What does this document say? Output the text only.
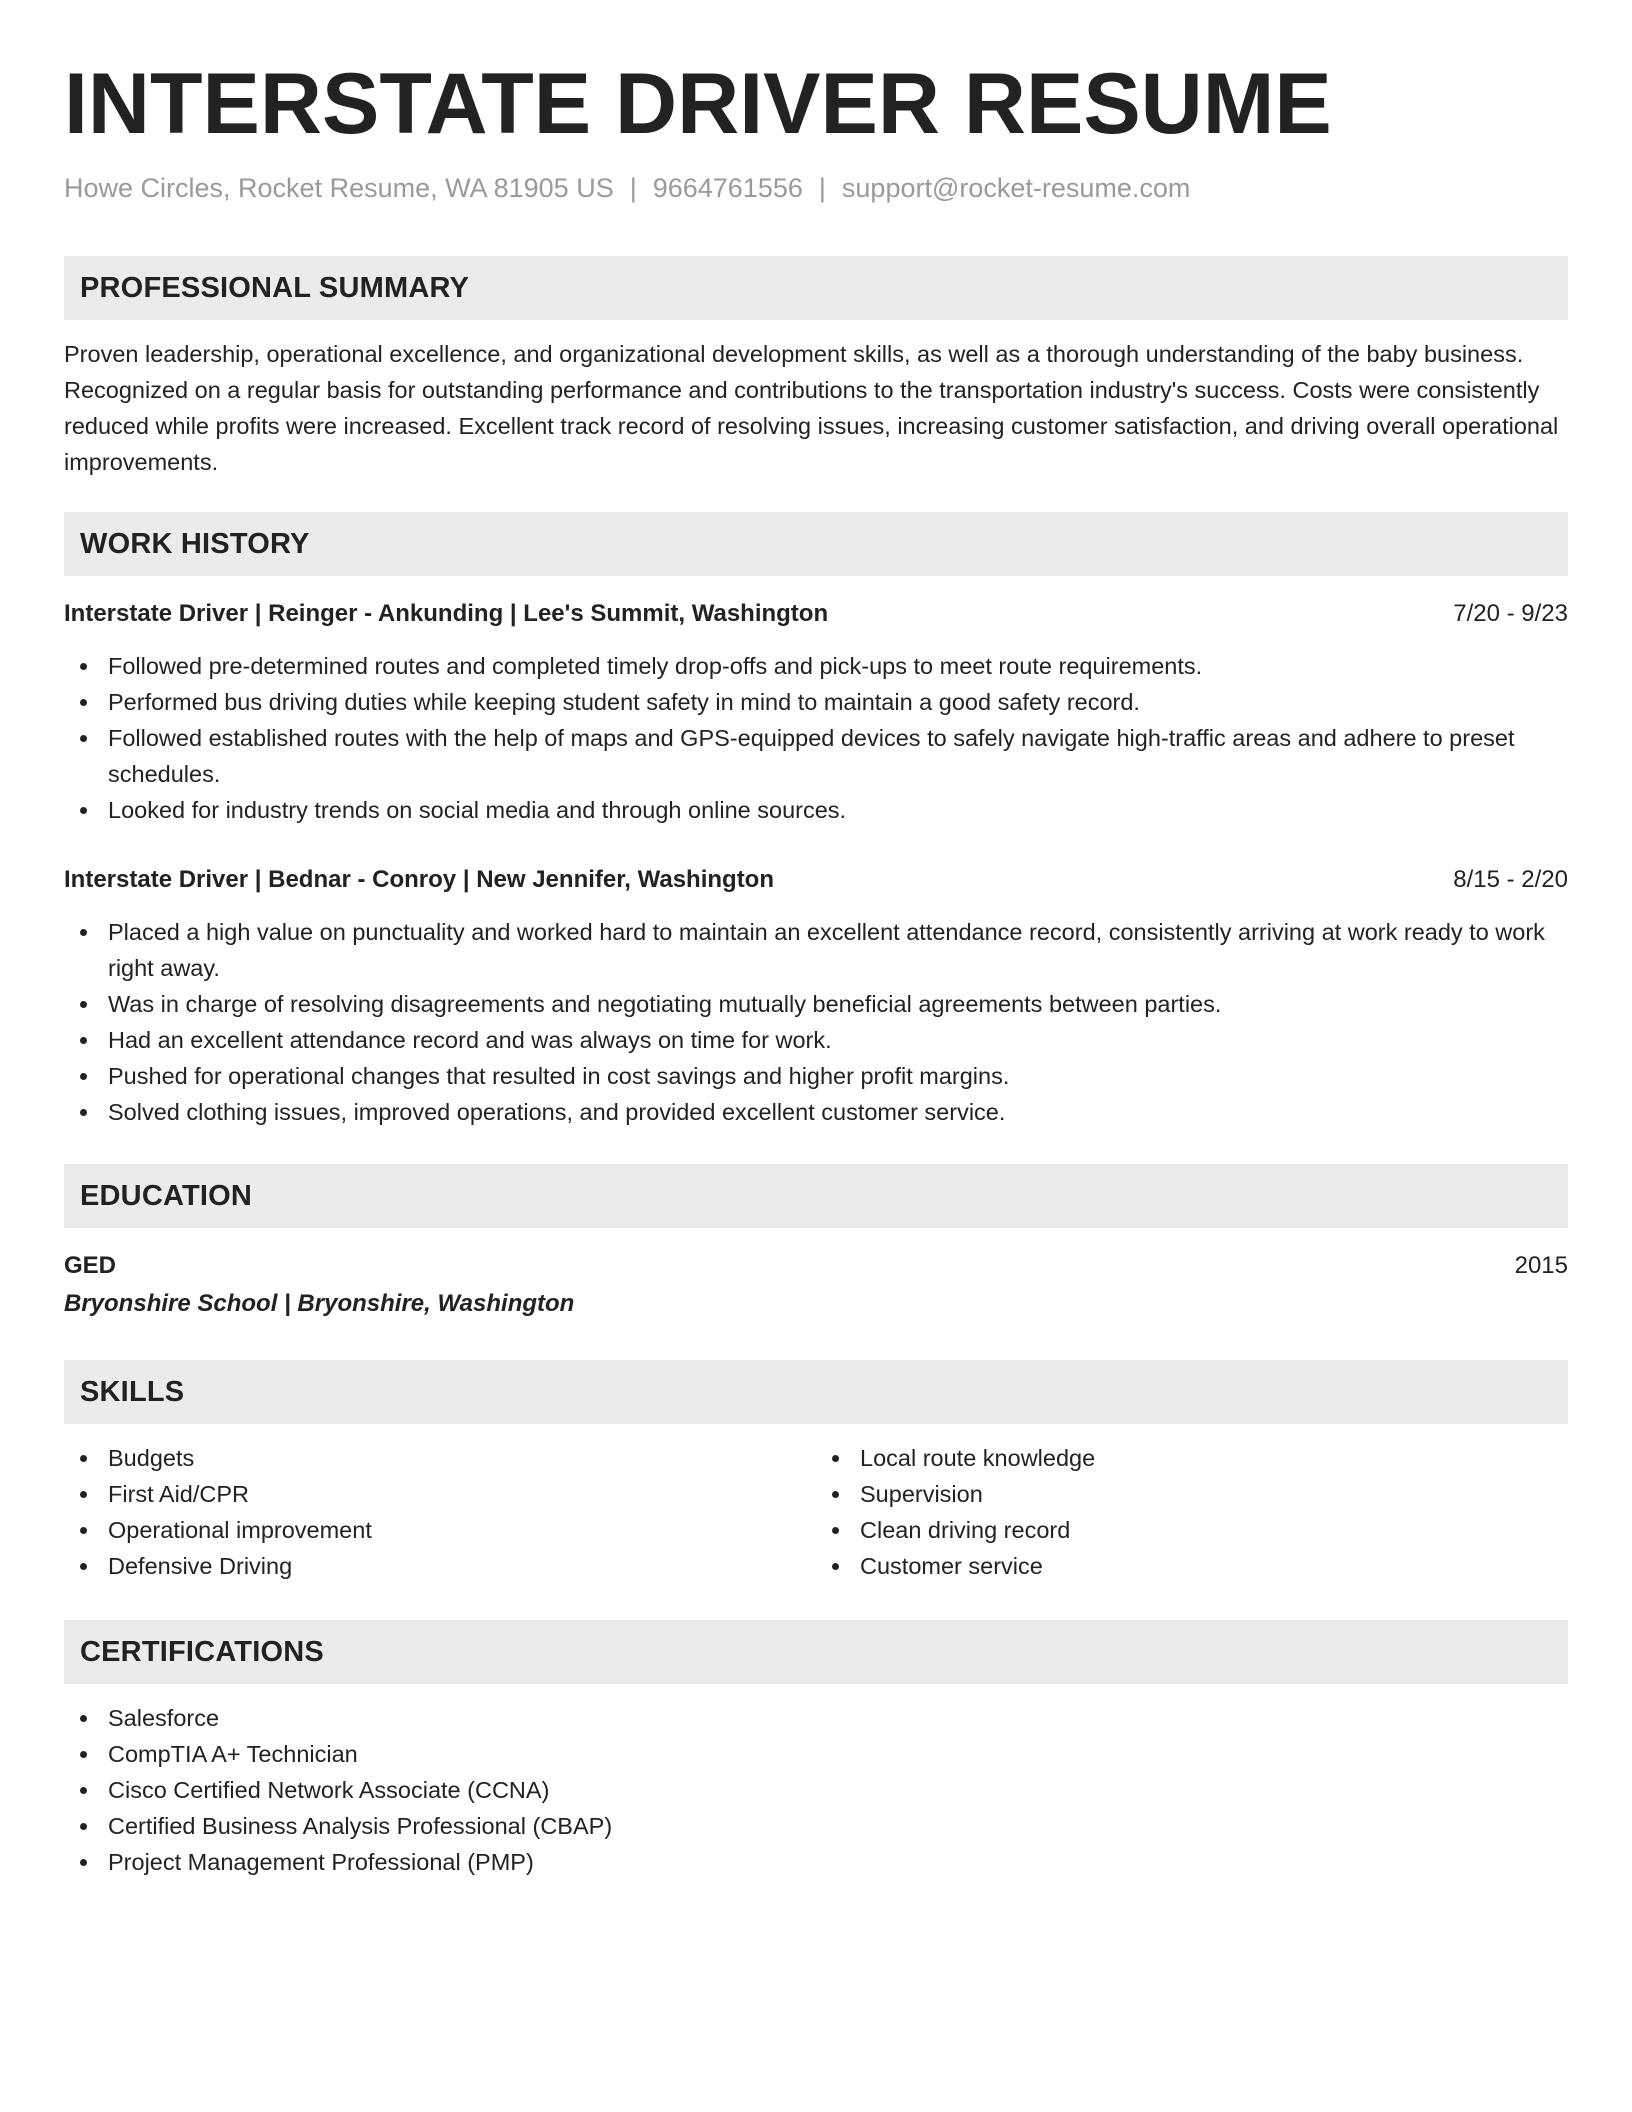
INTERSTATE DRIVER RESUME
Howe Circles, Rocket Resume, WA 81905 US | 9664761556 | support@rocket-resume.com
PROFESSIONAL SUMMARY
Proven leadership, operational excellence, and organizational development skills, as well as a thorough understanding of the baby business. Recognized on a regular basis for outstanding performance and contributions to the transportation industry's success. Costs were consistently reduced while profits were increased. Excellent track record of resolving issues, increasing customer satisfaction, and driving overall operational improvements.
WORK HISTORY
Interstate Driver | Reinger - Ankunding | Lee's Summit, Washington	7/20 - 9/23
Followed pre-determined routes and completed timely drop-offs and pick-ups to meet route requirements.
Performed bus driving duties while keeping student safety in mind to maintain a good safety record.
Followed established routes with the help of maps and GPS-equipped devices to safely navigate high-traffic areas and adhere to preset schedules.
Looked for industry trends on social media and through online sources.
Interstate Driver | Bednar - Conroy | New Jennifer, Washington	8/15 - 2/20
Placed a high value on punctuality and worked hard to maintain an excellent attendance record, consistently arriving at work ready to work right away.
Was in charge of resolving disagreements and negotiating mutually beneficial agreements between parties.
Had an excellent attendance record and was always on time for work.
Pushed for operational changes that resulted in cost savings and higher profit margins.
Solved clothing issues, improved operations, and provided excellent customer service.
EDUCATION
GED	2015
Bryonshire School | Bryonshire, Washington
SKILLS
Budgets
First Aid/CPR
Operational improvement
Defensive Driving
Local route knowledge
Supervision
Clean driving record
Customer service
CERTIFICATIONS
Salesforce
CompTIA A+ Technician
Cisco Certified Network Associate (CCNA)
Certified Business Analysis Professional (CBAP)
Project Management Professional (PMP)
